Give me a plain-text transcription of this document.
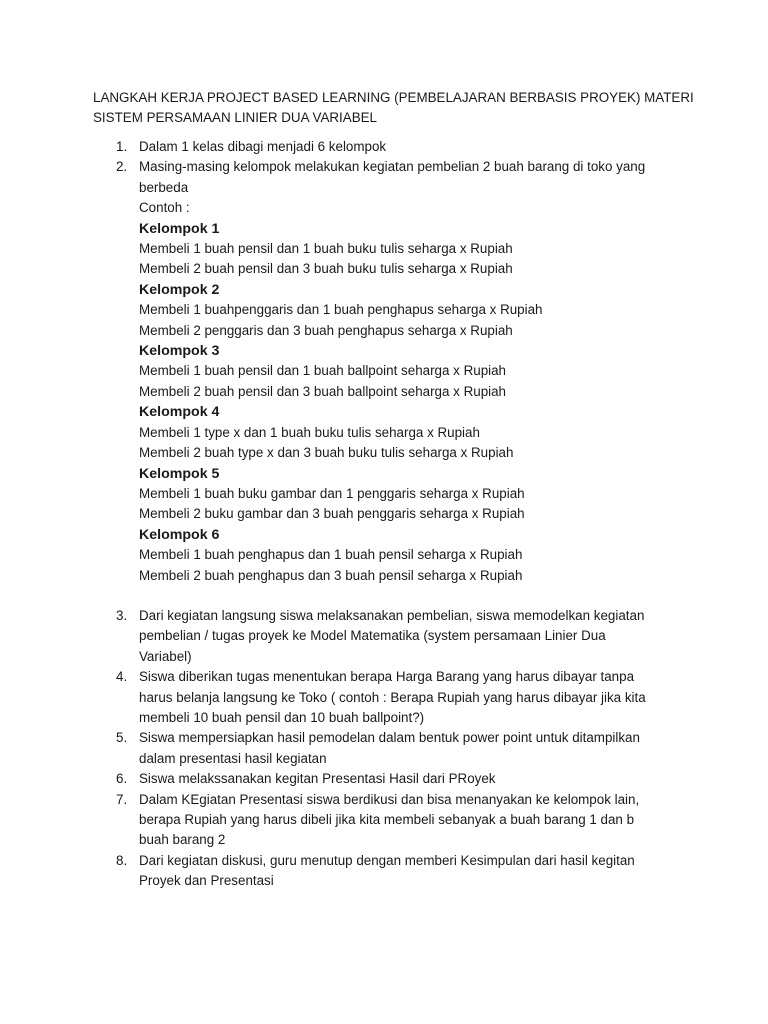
LANGKAH KERJA PROJECT BASED LEARNING (PEMBELAJARAN BERBASIS PROYEK) MATERI
SISTEM PERSAMAAN LINIER DUA VARIABEL
1. Dalam 1 kelas dibagi menjadi 6 kelompok
2. Masing-masing kelompok melakukan kegiatan pembelian 2 buah barang di toko yang
berbeda
Contoh :
Kelompok 1
Membeli 1 buah pensil dan 1 buah buku tulis seharga x Rupiah
Membeli 2 buah pensil dan 3 buah buku tulis seharga x Rupiah
Kelompok 2
Membeli 1 buahpenggaris dan 1 buah penghapus seharga x Rupiah
Membeli 2 penggaris dan 3 buah penghapus seharga x Rupiah
Kelompok 3
Membeli 1 buah pensil dan 1 buah ballpoint seharga x Rupiah
Membeli 2 buah pensil dan 3 buah ballpoint seharga x Rupiah
Kelompok 4
Membeli 1 type x dan 1 buah buku tulis seharga x Rupiah
Membeli 2 buah type x dan 3 buah buku tulis seharga x Rupiah
Kelompok 5
Membeli 1 buah buku gambar dan 1 penggaris seharga x Rupiah
Membeli 2 buku gambar dan 3 buah penggaris seharga x Rupiah
Kelompok 6
Membeli 1 buah penghapus dan 1 buah pensil seharga x Rupiah
Membeli 2 buah penghapus dan 3 buah pensil seharga x Rupiah
3. Dari kegiatan langsung siswa melaksanakan pembelian, siswa memodelkan kegiatan
pembelian / tugas proyek ke Model Matematika (system persamaan Linier Dua
Variabel)
4. Siswa diberikan tugas menentukan berapa Harga Barang yang harus dibayar tanpa
harus belanja langsung ke Toko ( contoh : Berapa Rupiah yang harus dibayar jika kita
membeli 10 buah pensil dan 10 buah ballpoint?)
5. Siswa mempersiapkan hasil pemodelan dalam bentuk power point untuk ditampilkan
dalam presentasi hasil kegiatan
6. Siswa melakssanakan kegitan Presentasi Hasil dari PRoyek
7. Dalam KEgiatan Presentasi siswa berdikusi dan bisa menanyakan ke kelompok lain,
berapa Rupiah yang harus dibeli jika kita membeli sebanyak a buah barang 1 dan b
buah barang 2
8. Dari kegiatan diskusi, guru menutup dengan memberi Kesimpulan dari hasil kegitan
Proyek dan Presentasi
